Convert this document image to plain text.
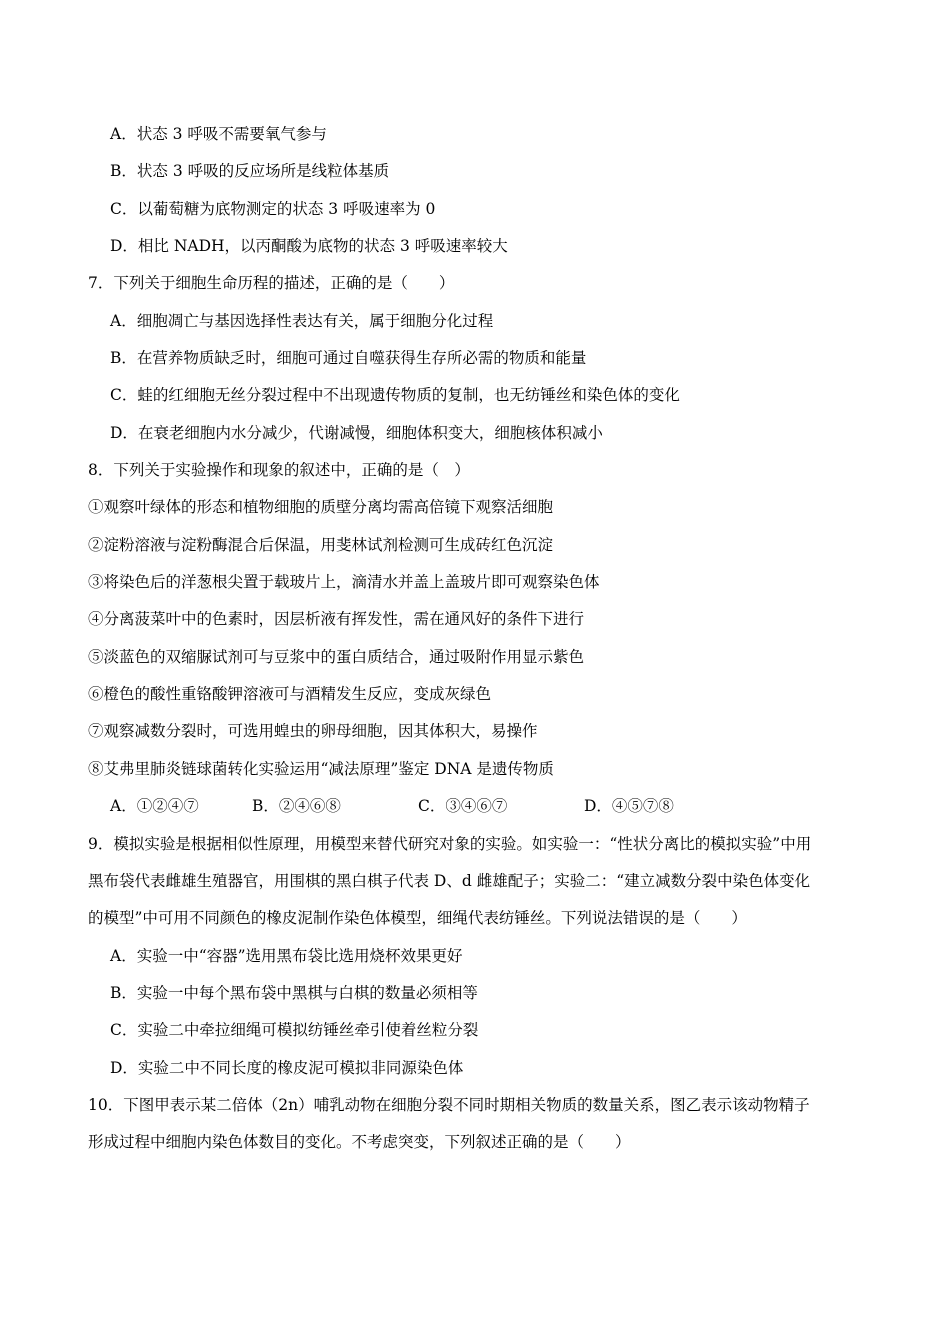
A．状态 3 呼吸不需要氧气参与
B．状态 3 呼吸的反应场所是线粒体基质
C．以葡萄糖为底物测定的状态 3 呼吸速率为 0
D．相比 NADH，以丙酮酸为底物的状态 3 呼吸速率较大
7．下列关于细胞生命历程的描述，正确的是（　　）
A．细胞凋亡与基因选择性表达有关，属于细胞分化过程
B．在营养物质缺乏时，细胞可通过自噬获得生存所必需的物质和能量
C．蛙的红细胞无丝分裂过程中不出现遗传物质的复制，也无纺锤丝和染色体的变化
D．在衰老细胞内水分减少，代谢减慢，细胞体积变大，细胞核体积减小
8．下列关于实验操作和现象的叙述中，正确的是（　）
①观察叶绿体的形态和植物细胞的质壁分离均需高倍镜下观察活细胞
②淀粉溶液与淀粉酶混合后保温，用斐林试剂检测可生成砖红色沉淀
③将染色后的洋葱根尖置于载玻片上，滴清水并盖上盖玻片即可观察染色体
④分离菠菜叶中的色素时，因层析液有挥发性，需在通风好的条件下进行
⑤淡蓝色的双缩脲试剂可与豆浆中的蛋白质结合，通过吸附作用显示紫色
⑥橙色的酸性重铬酸钾溶液可与酒精发生反应，变成灰绿色
⑦观察减数分裂时，可选用蝗虫的卵母细胞，因其体积大，易操作
⑧艾弗里肺炎链球菌转化实验运用“减法原理”鉴定 DNA 是遗传物质
A．①②④⑦	B．②④⑥⑧	C．③④⑥⑦	D．④⑤⑦⑧
9．模拟实验是根据相似性原理，用模型来替代研究对象的实验。如实验一：“性状分离比的模拟实验”中用
黑布袋代表雌雄生殖器官，用围棋的黑白棋子代表 D、d 雌雄配子；实验二：“建立减数分裂中染色体变化
的模型”中可用不同颜色的橡皮泥制作染色体模型，细绳代表纺锤丝。下列说法错误的是（　　）
A．实验一中“容器”选用黑布袋比选用烧杯效果更好
B．实验一中每个黑布袋中黑棋与白棋的数量必须相等
C．实验二中牵拉细绳可模拟纺锤丝牵引使着丝粒分裂
D．实验二中不同长度的橡皮泥可模拟非同源染色体
10．下图甲表示某二倍体（2n）哺乳动物在细胞分裂不同时期相关物质的数量关系，图乙表示该动物精子
形成过程中细胞内染色体数目的变化。不考虑突变，下列叙述正确的是（　　）
